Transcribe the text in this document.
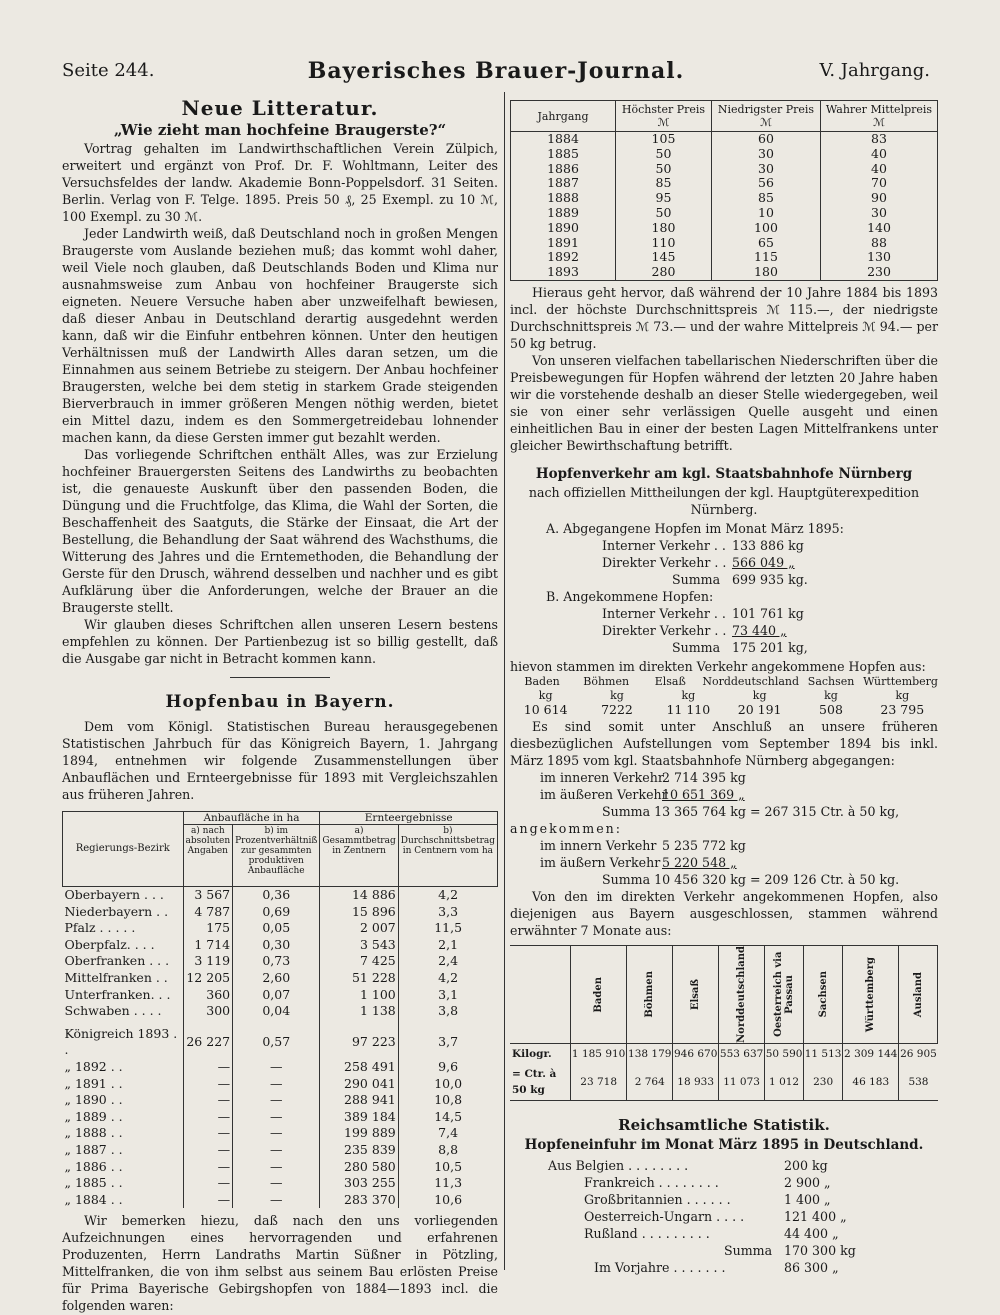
Seite 244.	Bayerisches Brauer-Journal.	V. Jahrgang.
Neue Litteratur.
„Wie zieht man hochfeine Braugerste?“

Vortrag gehalten im Landwirthschaftlichen Verein Zülpich, erweitert und ergänzt von Prof. Dr. F. Wohltmann, Leiter des Versuchsfeldes der landw. Akademie Bonn-Poppelsdorf. 31 Seiten. Berlin. Verlag von F. Telge. 1895. Preis 50 ₰, 25 Exempl. zu 10 ℳ, 100 Exempl. zu 30 ℳ.

Jeder Landwirth weiß, daß Deutschland noch in großen Mengen Braugerste vom Auslande beziehen muß; das kommt wohl daher, weil Viele noch glauben, daß Deutschlands Boden und Klima nur ausnahmsweise zum Anbau von hochfeiner Braugerste sich eigneten. Neuere Versuche haben aber unzweifelhaft bewiesen, daß dieser Anbau in Deutschland derartig ausgedehnt werden kann, daß wir die Einfuhr entbehren können. Unter den heutigen Verhältnissen muß der Landwirth Alles daran setzen, um die Einnahmen aus seinem Betriebe zu steigern. Der Anbau hochfeiner Braugersten, welche bei dem stetig in starkem Grade steigenden Bierverbrauch in immer größeren Mengen nöthig werden, bietet ein Mittel dazu, indem es den Sommergetreidebau lohnender machen kann, da diese Gersten immer gut bezahlt werden.

Das vorliegende Schriftchen enthält Alles, was zur Erzielung hochfeiner Brauergersten Seitens des Landwirths zu beobachten ist, die genaueste Auskunft über den passenden Boden, die Düngung und die Fruchtfolge, das Klima, die Wahl der Sorten, die Beschaffenheit des Saatguts, die Stärke der Einsaat, die Art der Bestellung, die Behandlung der Saat während des Wachsthums, die Witterung des Jahres und die Erntemethoden, die Behandlung der Gerste für den Drusch, während desselben und nachher und es gibt Aufklärung über die Anforderungen, welche der Brauer an die Braugerste stellt.

Wir glauben dieses Schriftchen allen unseren Lesern bestens empfehlen zu können. Der Partienbezug ist so billig gestellt, daß die Ausgabe gar nicht in Betracht kommen kann.

Hopfenbau in Bayern.

Dem vom Königl. Statistischen Bureau herausgegebenen Statistischen Jahrbuch für das Königreich Bayern, 1. Jahrgang 1894, entnehmen wir folgende Zusammenstellungen über Anbauflächen und Ernteergebnisse für 1893 mit Vergleichszahlen aus früheren Jahren.

Regierungs-Bezirk	Anbaufläche in ha		Ernteergebnisse	
	a) nach absoluten Angaben	b) im Prozentverhältniß zur gesammten produktiven Anbaufläche	a) Gesammtbetrag in Zentnern	b) Durchschnittsbetrag in Centnern vom ha
Oberbayern . . .	3 567	0,36	14 886	4,2
Niederbayern . .	4 787	0,69	15 896	3,3
Pfalz . . . . .	175	0,05	2 007	11,5
Oberpfalz. . . .	1 714	0,30	3 543	2,1
Oberfranken . . .	3 119	0,73	7 425	2,4
Mittelfranken . .	12 205	2,60	51 228	4,2
Unterfranken. . .	360	0,07	1 100	3,1
Schwaben . . . .	300	0,04	1 138	3,8

Königreich 1893 . .	26 227	0,57	97 223	3,7
„ 1892 . .	—	—	258 491	9,6
„ 1891 . .	—	—	290 041	10,0
„ 1890 . .	—	—	288 941	10,8
„ 1889 . .	—	—	389 184	14,5
„ 1888 . .	—	—	199 889	7,4
„ 1887 . .	—	—	235 839	8,8
„ 1886 . .	—	—	280 580	10,5
„ 1885 . .	—	—	303 255	11,3
„ 1884 . .	—	—	283 370	10,6

Wir bemerken hiezu, daß nach den uns vorliegenden Aufzeichnungen eines hervorragenden und erfahrenen Produzenten, Herrn Landraths Martin Süßner in Pötzling, Mittelfranken, die von ihm selbst aus seinem Bau erlösten Preise für Prima Bayerische Gebirgshopfen von 1884—1893 incl. die folgenden waren:

Jahrgang	Höchster Preis ℳ	Niedrigster Preis ℳ	Wahrer Mittelpreis ℳ
1884	105	60	83
1885	50	30	40
1886	50	30	40
1887	85	56	70
1888	95	85	90
1889	50	10	30
1890	180	100	140
1891	110	65	88
1892	145	115	130
1893	280	180	230

Hieraus geht hervor, daß während der 10 Jahre 1884 bis 1893 incl. der höchste Durchschnittspreis ℳ 115.—, der niedrigste Durchschnittspreis ℳ 73.— und der wahre Mittelpreis ℳ 94.— per 50 kg betrug.

Von unseren vielfachen tabellarischen Niederschriften über die Preisbewegungen für Hopfen während der letzten 20 Jahre haben wir die vorstehende deshalb an dieser Stelle wiedergegeben, weil sie von einer sehr verlässigen Quelle ausgeht und einen einheitlichen Bau in einer der besten Lagen Mittelfrankens unter gleicher Bewirthschaftung betrifft.

Hopfenverkehr am kgl. Staatsbahnhofe Nürnberg
nach offiziellen Mittheilungen der kgl. Hauptgüterexpedition Nürnberg.
A. Abgegangene Hopfen im Monat März 1895:
Interner Verkehr . . 133 886 kg
Direkter Verkehr . . 566 049 „
Summa 699 935 kg.
B. Angekommene Hopfen:
Interner Verkehr . . 101 761 kg
Direkter Verkehr . . 73 440 „
Summa 175 201 kg,
hievon stammen im direkten Verkehr angekommene Hopfen aus:
Baden	Böhmen	Elsaß	Norddeutschland Sachsen Württemberg
kg	kg	kg	kg	kg	kg
10 614	7222	11 110	20 191	508	23 795

Es sind somit unter Anschluß an unsere früheren diesbezüglichen Aufstellungen vom September 1894 bis inkl. März 1895 vom kgl. Staatsbahnhofe Nürnberg abgegangen:

im inneren Verkehr2 714 395 kg
im äußeren Verkehr10 651 369 „
Summa 13 365 764 kg = 267 315 Ctr. à 50 kg,
angekommen:
im innern Verkehr 5 235 772 kg
im äußern Verkehr 5 220 548 „
Summa 10 456 320 kg = 209 126 Ctr. à 50 kg.

Von den im direkten Verkehr angekommenen Hopfen, also diejenigen aus Bayern ausgeschlossen, stammen während erwähnter 7 Monate aus:

	Baden	Böhmen	Elsaß	Norddeutschland	Oesterreich via Passau	Sachsen	Württemberg	Ausland

Kilogr.	1 185 910	138 179	946 670	553 637	50 590	11 513	2 309 144	26 905
= Ctr. à 50 kg	23 718	2 764	18 933	11 073	1 012	230	46 183	538
Reichsamtliche Statistik.
Hopfeneinfuhr im Monat März 1895 in Deutschland.
Aus Belgien . . . . . . . .	200 kg
Frankreich . . . . . . . .	2 900 „
Großbritannien . . . . . .	1 400 „
Oesterreich-Ungarn . . . .	121 400 „
Rußland . . . . . . . . .	44 400 „
Summa 170 300 kg
Im Vorjahre . . . . . . .	86 300 „
